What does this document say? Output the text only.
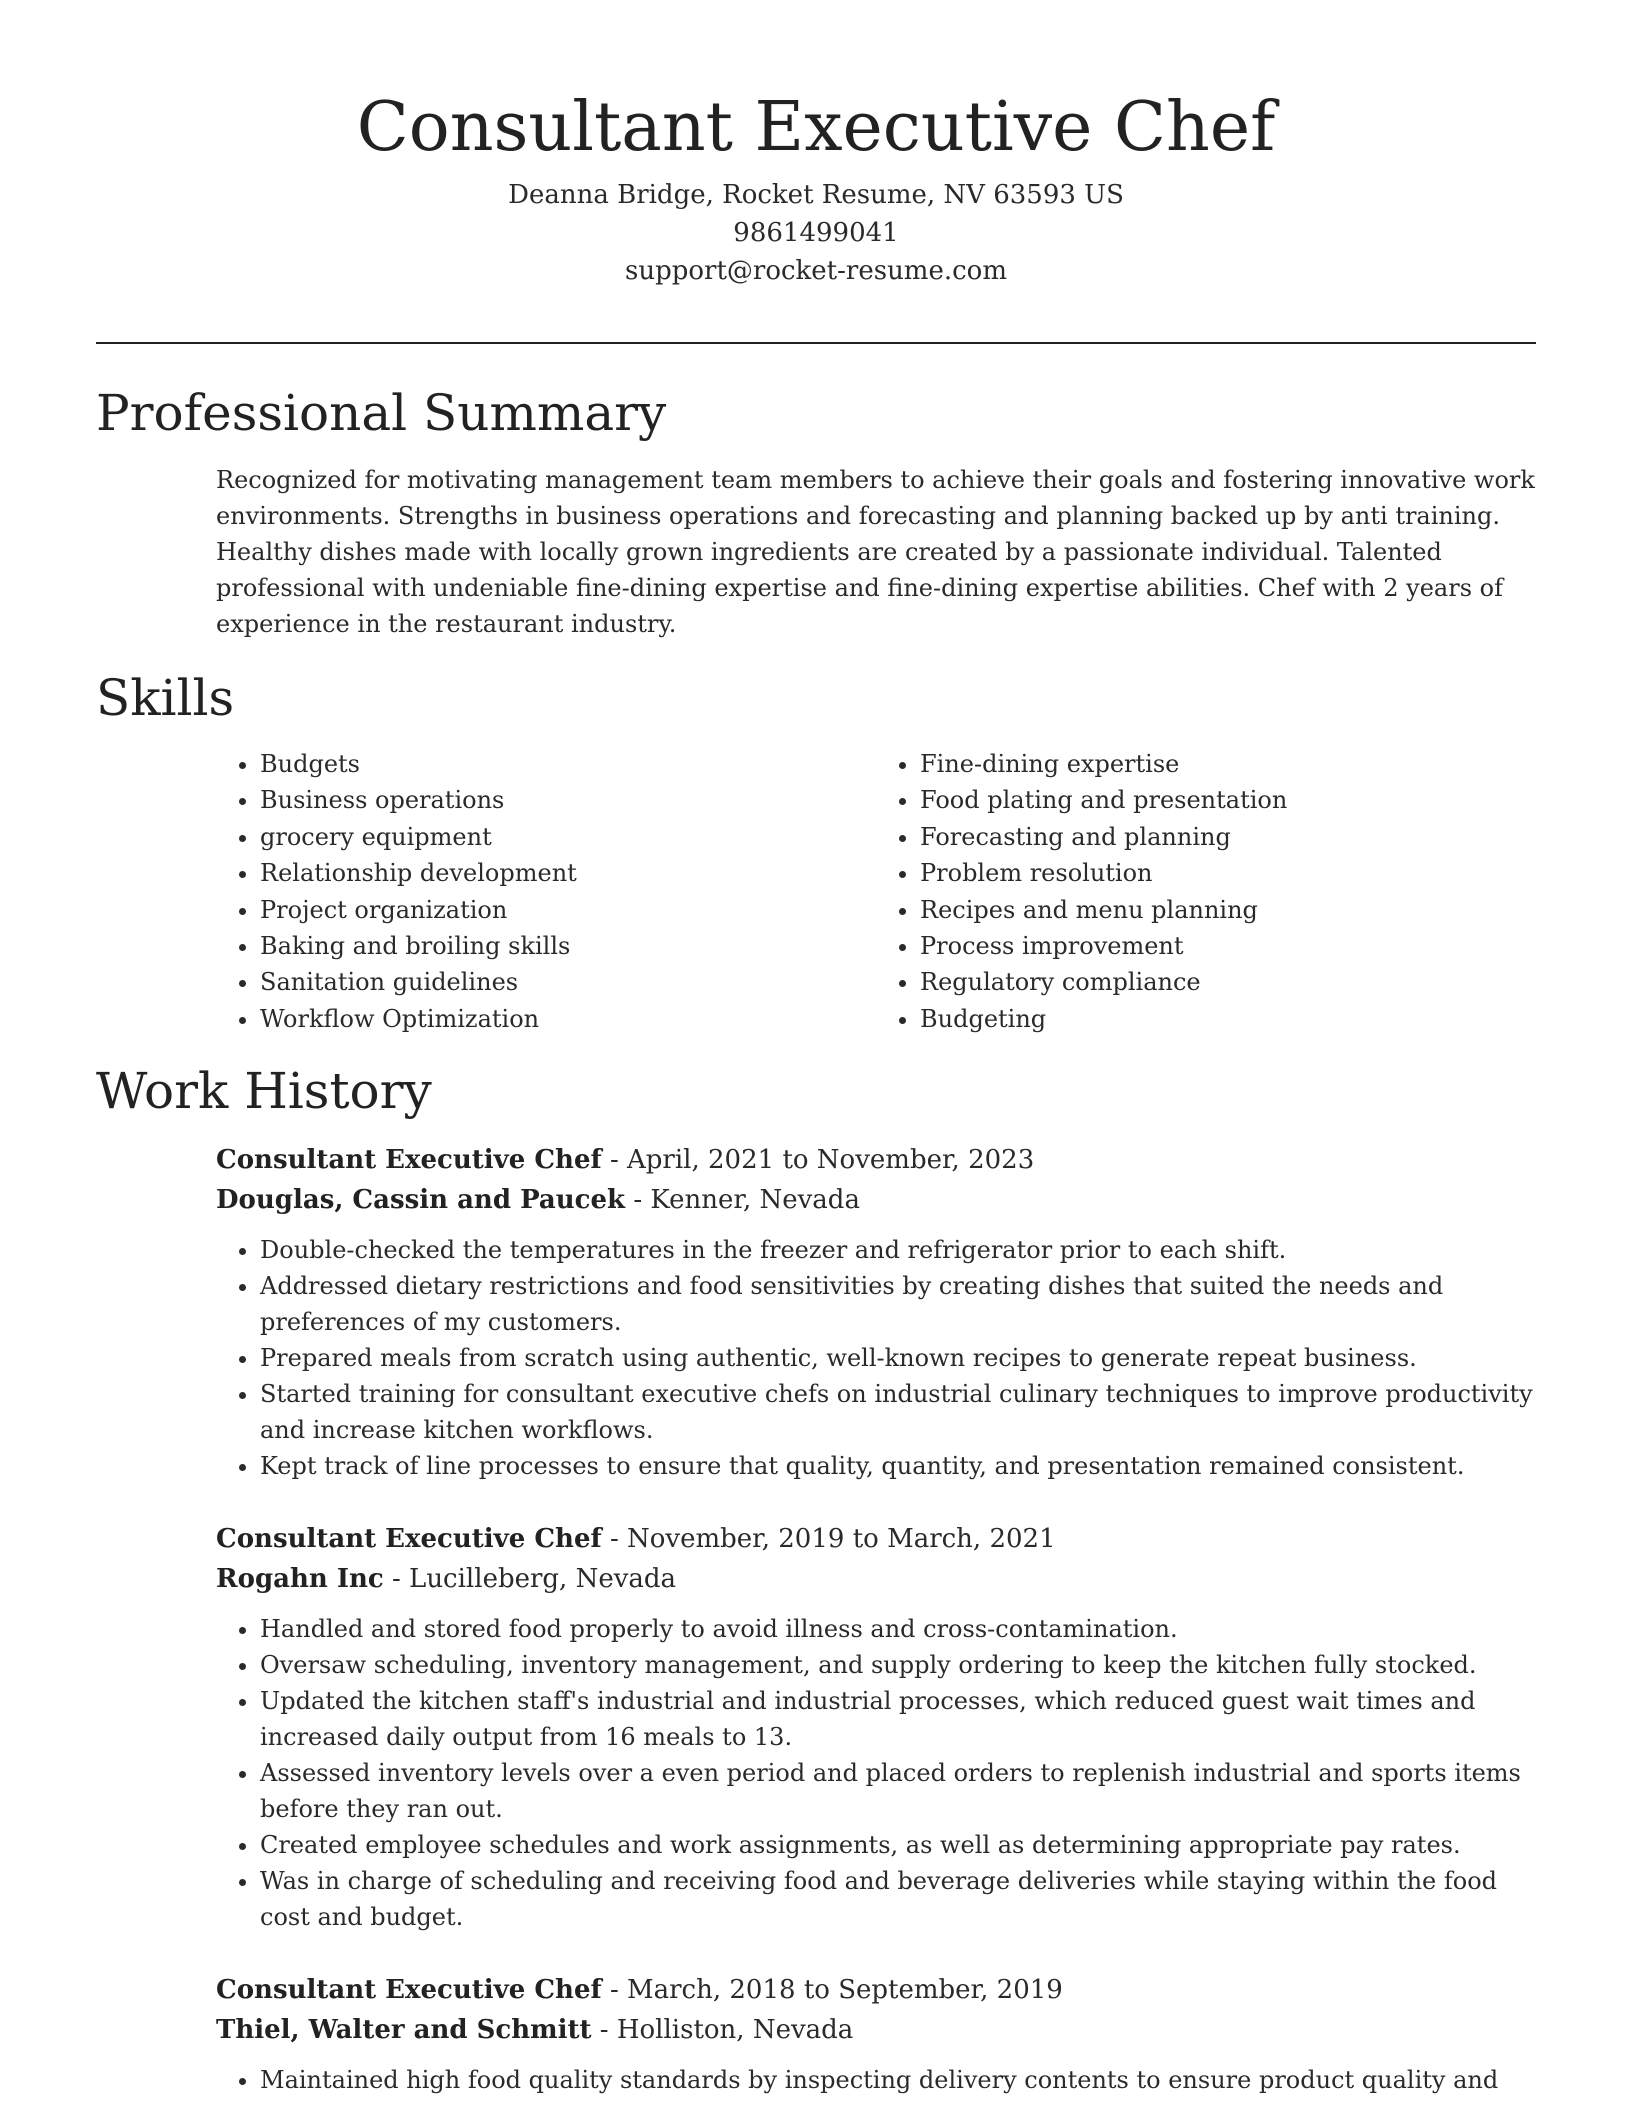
Consultant Executive Chef
Deanna Bridge, Rocket Resume, NV 63593 US
9861499041
support@rocket-resume.com
Professional Summary

Recognized for motivating management team members to achieve their goals and fostering innovative work environments. Strengths in business operations and forecasting and planning backed up by anti training. Healthy dishes made with locally grown ingredients are created by a passionate individual. Talented professional with undeniable fine-dining expertise and fine-dining expertise abilities. Chef with 2 years of experience in the restaurant industry.

Skills
• Budgets
• Business operations
• grocery equipment
• Relationship development
• Project organization
• Baking and broiling skills
• Sanitation guidelines
• Workflow Optimization
• Fine-dining expertise
• Food plating and presentation
• Forecasting and planning
• Problem resolution
• Recipes and menu planning
• Process improvement
• Regulatory compliance
• Budgeting
Work History
Consultant Executive Chef - April, 2021 to November, 2023
Douglas, Cassin and Paucek - Kenner, Nevada
• Double-checked the temperatures in the freezer and refrigerator prior to each shift.
• Addressed dietary restrictions and food sensitivities by creating dishes that suited the needs and preferences of my customers.
• Prepared meals from scratch using authentic, well-known recipes to generate repeat business.
• Started training for consultant executive chefs on industrial culinary techniques to improve productivity and increase kitchen workflows.
• Kept track of line processes to ensure that quality, quantity, and presentation remained consistent.
Consultant Executive Chef - November, 2019 to March, 2021
Rogahn Inc - Lucilleberg, Nevada
• Handled and stored food properly to avoid illness and cross-contamination.
• Oversaw scheduling, inventory management, and supply ordering to keep the kitchen fully stocked.
• Updated the kitchen staff's industrial and industrial processes, which reduced guest wait times and increased daily output from 16 meals to 13.
• Assessed inventory levels over a even period and placed orders to replenish industrial and sports items before they ran out.
• Created employee schedules and work assignments, as well as determining appropriate pay rates.
• Was in charge of scheduling and receiving food and beverage deliveries while staying within the food cost and budget.
Consultant Executive Chef - March, 2018 to September, 2019
Thiel, Walter and Schmitt - Holliston, Nevada
• Maintained high food quality standards by inspecting delivery contents to ensure product quality and
